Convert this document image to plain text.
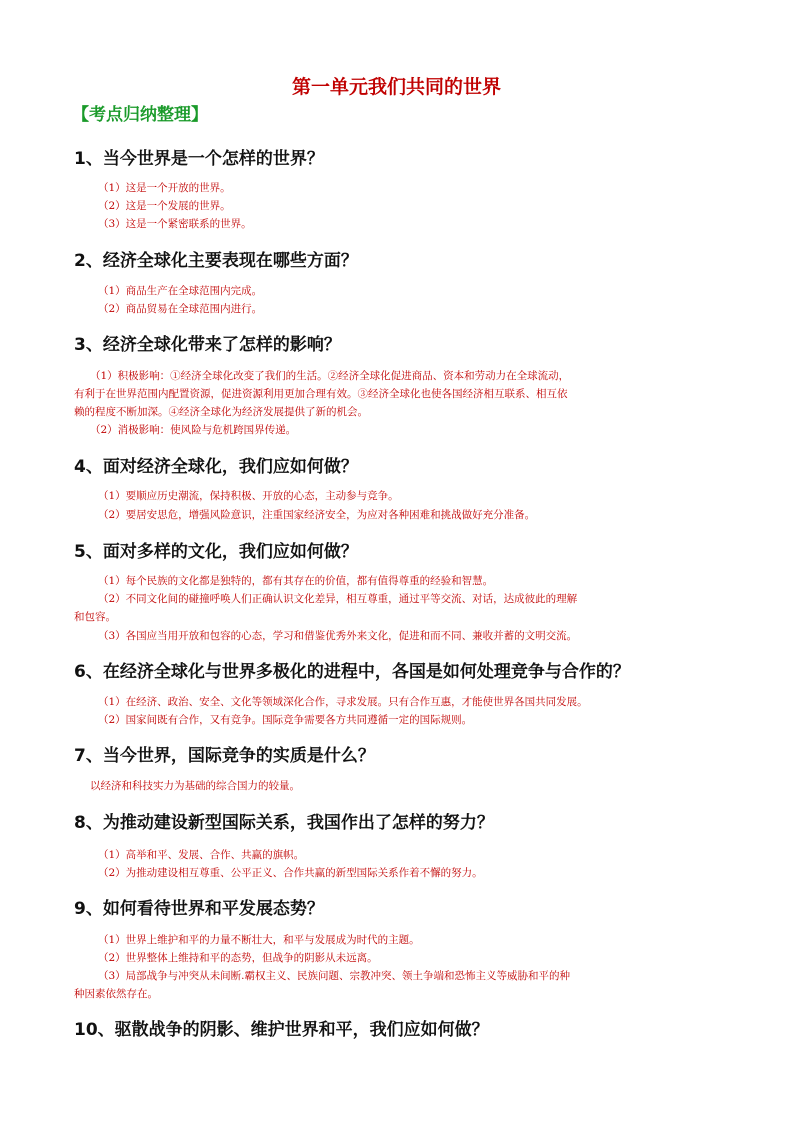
第一单元我们共同的世界
【考点归纳整理】
1、当今世界是一个怎样的世界？
（1）这是一个开放的世界。
（2）这是一个发展的世界。
（3）这是一个紧密联系的世界。
2、经济全球化主要表现在哪些方面？
（1）商品生产在全球范围内完成。
（2）商品贸易在全球范围内进行。
3、经济全球化带来了怎样的影响？
（1）积极影响：①经济全球化改变了我们的生活。②经济全球化促进商品、资本和劳动力在全球流动，
有利于在世界范围内配置资源，促进资源利用更加合理有效。③经济全球化也使各国经济相互联系、相互依
赖的程度不断加深。④经济全球化为经济发展提供了新的机会。
（2）消极影响：使风险与危机跨国界传递。
4、面对经济全球化，我们应如何做？
（1）要顺应历史潮流，保持积极、开放的心态，主动参与竞争。
（2）要居安思危，增强风险意识，注重国家经济安全，为应对各种困难和挑战做好充分准备。
5、面对多样的文化，我们应如何做？
（1）每个民族的文化都是独特的，都有其存在的价值，都有值得尊重的经验和智慧。
（2）不同文化间的碰撞呼唤人们正确认识文化差异，相互尊重，通过平等交流、对话，达成彼此的理解
和包容。
（3）各国应当用开放和包容的心态，学习和借鉴优秀外来文化，促进和而不同、兼收并蓄的文明交流。
6、在经济全球化与世界多极化的进程中，各国是如何处理竞争与合作的？
（1）在经济、政治、安全、文化等领域深化合作，寻求发展。只有合作互惠，才能使世界各国共同发展。
（2）国家间既有合作，又有竞争。国际竞争需要各方共同遵循一定的国际规则。
7、当今世界，国际竞争的实质是什么？
以经济和科技实力为基础的综合国力的较量。
8、为推动建设新型国际关系，我国作出了怎样的努力？
（1）高举和平、发展、合作、共赢的旗帜。
（2）为推动建设相互尊重、公平正义、合作共赢的新型国际关系作着不懈的努力。
9、如何看待世界和平发展态势？
（1）世界上维护和平的力量不断壮大，和平与发展成为时代的主题。
（2）世界整体上维持和平的态势，但战争的阴影从未远离。
（3）局部战争与冲突从未间断.霸权主义、民族问题、宗教冲突、领土争端和恐怖主义等威胁和平的种
种因素依然存在。
10、驱散战争的阴影、维护世界和平，我们应如何做？
